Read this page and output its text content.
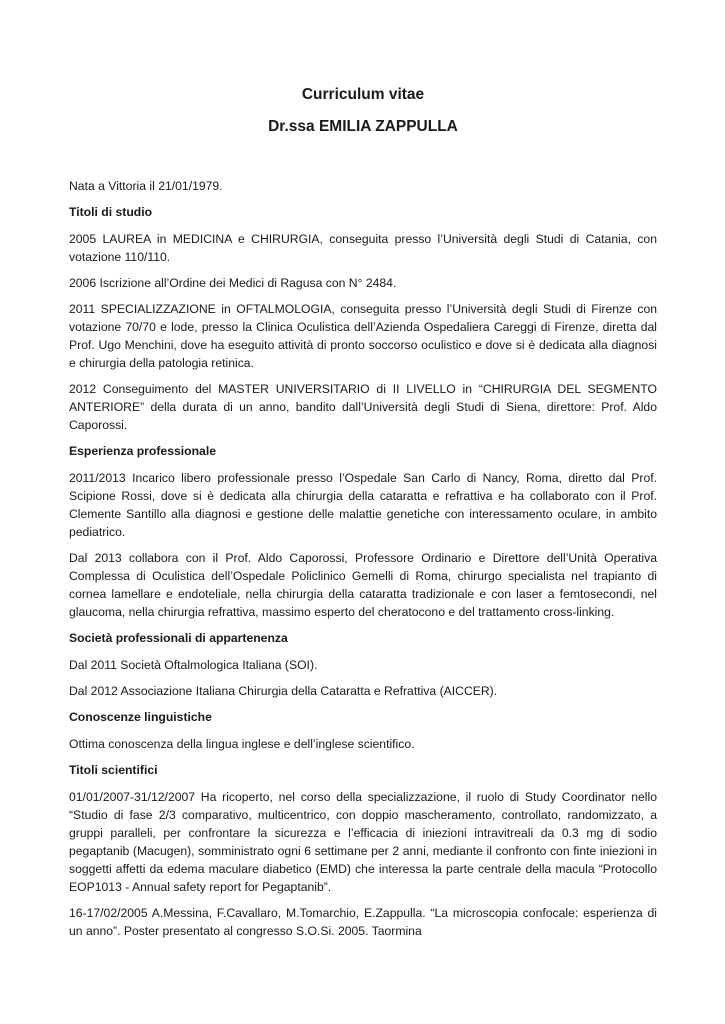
Curriculum vitae
Dr.ssa EMILIA ZAPPULLA

Nata a Vittoria il 21/01/1979.

Titoli di studio

2005 LAUREA in MEDICINA e CHIRURGIA, conseguita presso l’Università degli Studi di Catania, con votazione 110/110.

2006 Iscrizione all’Ordine dei Medici di Ragusa con N° 2484.

2011 SPECIALIZZAZIONE in OFTALMOLOGIA, conseguita presso l’Università degli Studi di Firenze con votazione 70/70 e lode, presso la Clinica Oculistica dell’Azienda Ospedaliera Careggi di Firenze, diretta dal Prof. Ugo Menchini, dove ha eseguito attività di pronto soccorso oculistico e dove si è dedicata alla diagnosi e chirurgia della patologia retinica.

2012 Conseguimento del MASTER UNIVERSITARIO di II LIVELLO in “CHIRURGIA DEL SEGMENTO ANTERIORE” della durata di un anno, bandito dall’Università degli Studi di Siena, direttore: Prof. Aldo Caporossi.

Esperienza professionale

2011/2013 Incarico libero professionale presso l’Ospedale San Carlo di Nancy, Roma, diretto dal Prof. Scipione Rossi, dove si è dedicata alla chirurgia della cataratta e refrattiva e ha collaborato con il Prof. Clemente Santillo alla diagnosi e gestione delle malattie genetiche con interessamento oculare, in ambito pediatrico.

Dal 2013 collabora con il Prof. Aldo Caporossi, Professore Ordinario e Direttore dell’Unità Operativa Complessa di Oculistica dell’Ospedale Policlinico Gemelli di Roma, chirurgo specialista nel trapianto di cornea lamellare e endoteliale, nella chirurgia della cataratta tradizionale e con laser a femtosecondi, nel glaucoma, nella chirurgia refrattiva, massimo esperto del cheratocono e del trattamento cross-linking.

Società professionali di appartenenza

Dal 2011 Società Oftalmologica Italiana (SOI).

Dal 2012 Associazione Italiana Chirurgia della Cataratta e Refrattiva (AICCER).

Conoscenze linguistiche

Ottima conoscenza della lingua inglese e dell’inglese scientifico.

Titoli scientifici

01/01/2007-31/12/2007 Ha ricoperto, nel corso della specializzazione, il ruolo di Study Coordinator nello “Studio di fase 2/3 comparativo, multicentrico, con doppio mascheramento, controllato, randomizzato, a gruppi paralleli, per confrontare la sicurezza e l’efficacia di iniezioni intravitreali da 0.3 mg di sodio pegaptanib (Macugen), somministrato ogni 6 settimane per 2 anni, mediante il confronto con finte iniezioni in soggetti affetti da edema maculare diabetico (EMD) che interessa la parte centrale della macula “Protocollo EOP1013 - Annual safety report for Pegaptanib”.

16-17/02/2005 A.Messina, F.Cavallaro, M.Tomarchio, E.Zappulla. “La microscopia confocale: esperienza di un anno”. Poster presentato al congresso S.O.Si. 2005. Taormina
